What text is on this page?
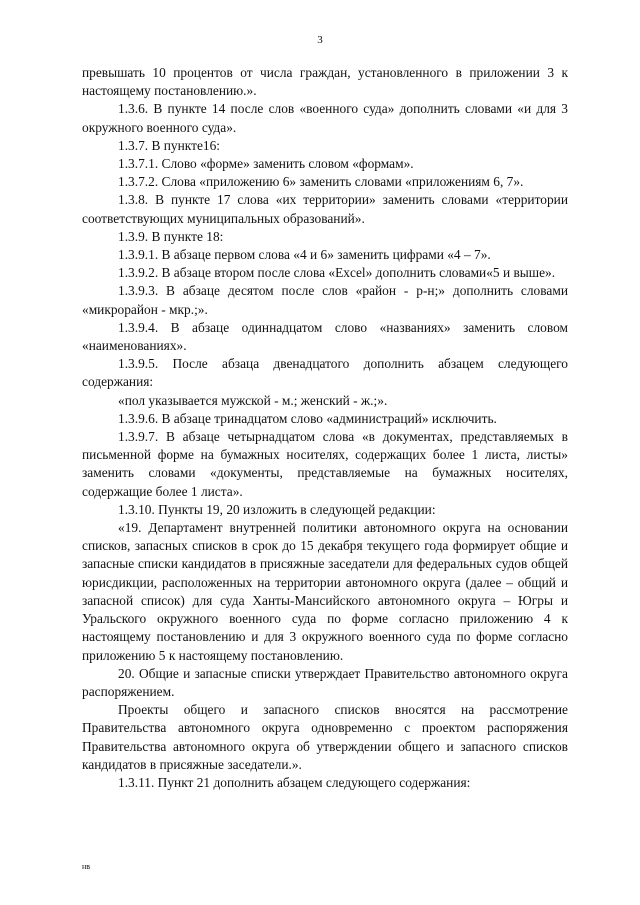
3

превышать 10 процентов от числа граждан, установленного в приложении 3 к настоящему постановлению.».

1.3.6. В пункте 14 после слов «военного суда» дополнить словами «и для 3 окружного военного суда».

1.3.7. В пункте16:

1.3.7.1. Слово «форме» заменить словом «формам».

1.3.7.2. Слова «приложению 6» заменить словами «приложениям 6, 7».

1.3.8. В пункте 17 слова «их территории» заменить словами «территории соответствующих муниципальных образований».

1.3.9. В пункте 18:

1.3.9.1. В абзаце первом слова «4 и 6» заменить цифрами «4 – 7».

1.3.9.2. В абзаце втором после слова «Excel» дополнить словами«5 и выше».

1.3.9.3. В абзаце десятом после слов «район - р-н;» дополнить словами «микрорайон - мкр.;».

1.3.9.4. В абзаце одиннадцатом слово «названиях» заменить словом «наименованиях».

1.3.9.5. После абзаца двенадцатого дополнить абзацем следующего содержания:

«пол указывается мужской - м.; женский - ж.;».

1.3.9.6. В абзаце тринадцатом слово «администраций» исключить.

1.3.9.7. В абзаце четырнадцатом слова «в документах, представляемых в письменной форме на бумажных носителях, содержащих более 1 листа, листы» заменить словами «документы, представляемые на бумажных носителях, содержащие более 1 листа».

1.3.10. Пункты 19, 20 изложить в следующей редакции:

«19. Департамент внутренней политики автономного округа на основании списков, запасных списков в срок до 15 декабря текущего года формирует общие и запасные списки кандидатов в присяжные заседатели для федеральных судов общей юрисдикции, расположенных на территории автономного округа (далее – общий и запасной список) для суда Ханты-Мансийского автономного округа – Югры и Уральского окружного военного суда по форме согласно приложению 4 к настоящему постановлению и для 3 окружного военного суда по форме согласно приложению 5 к настоящему постановлению.

20. Общие и запасные списки утверждает Правительство автономного округа распоряжением.

Проекты общего и запасного списков вносятся на рассмотрение Правительства автономного округа одновременно с проектом распоряжения Правительства автономного округа об утверждении общего и запасного списков кандидатов в присяжные заседатели.».

1.3.11. Пункт 21 дополнить абзацем следующего содержания:

нв
